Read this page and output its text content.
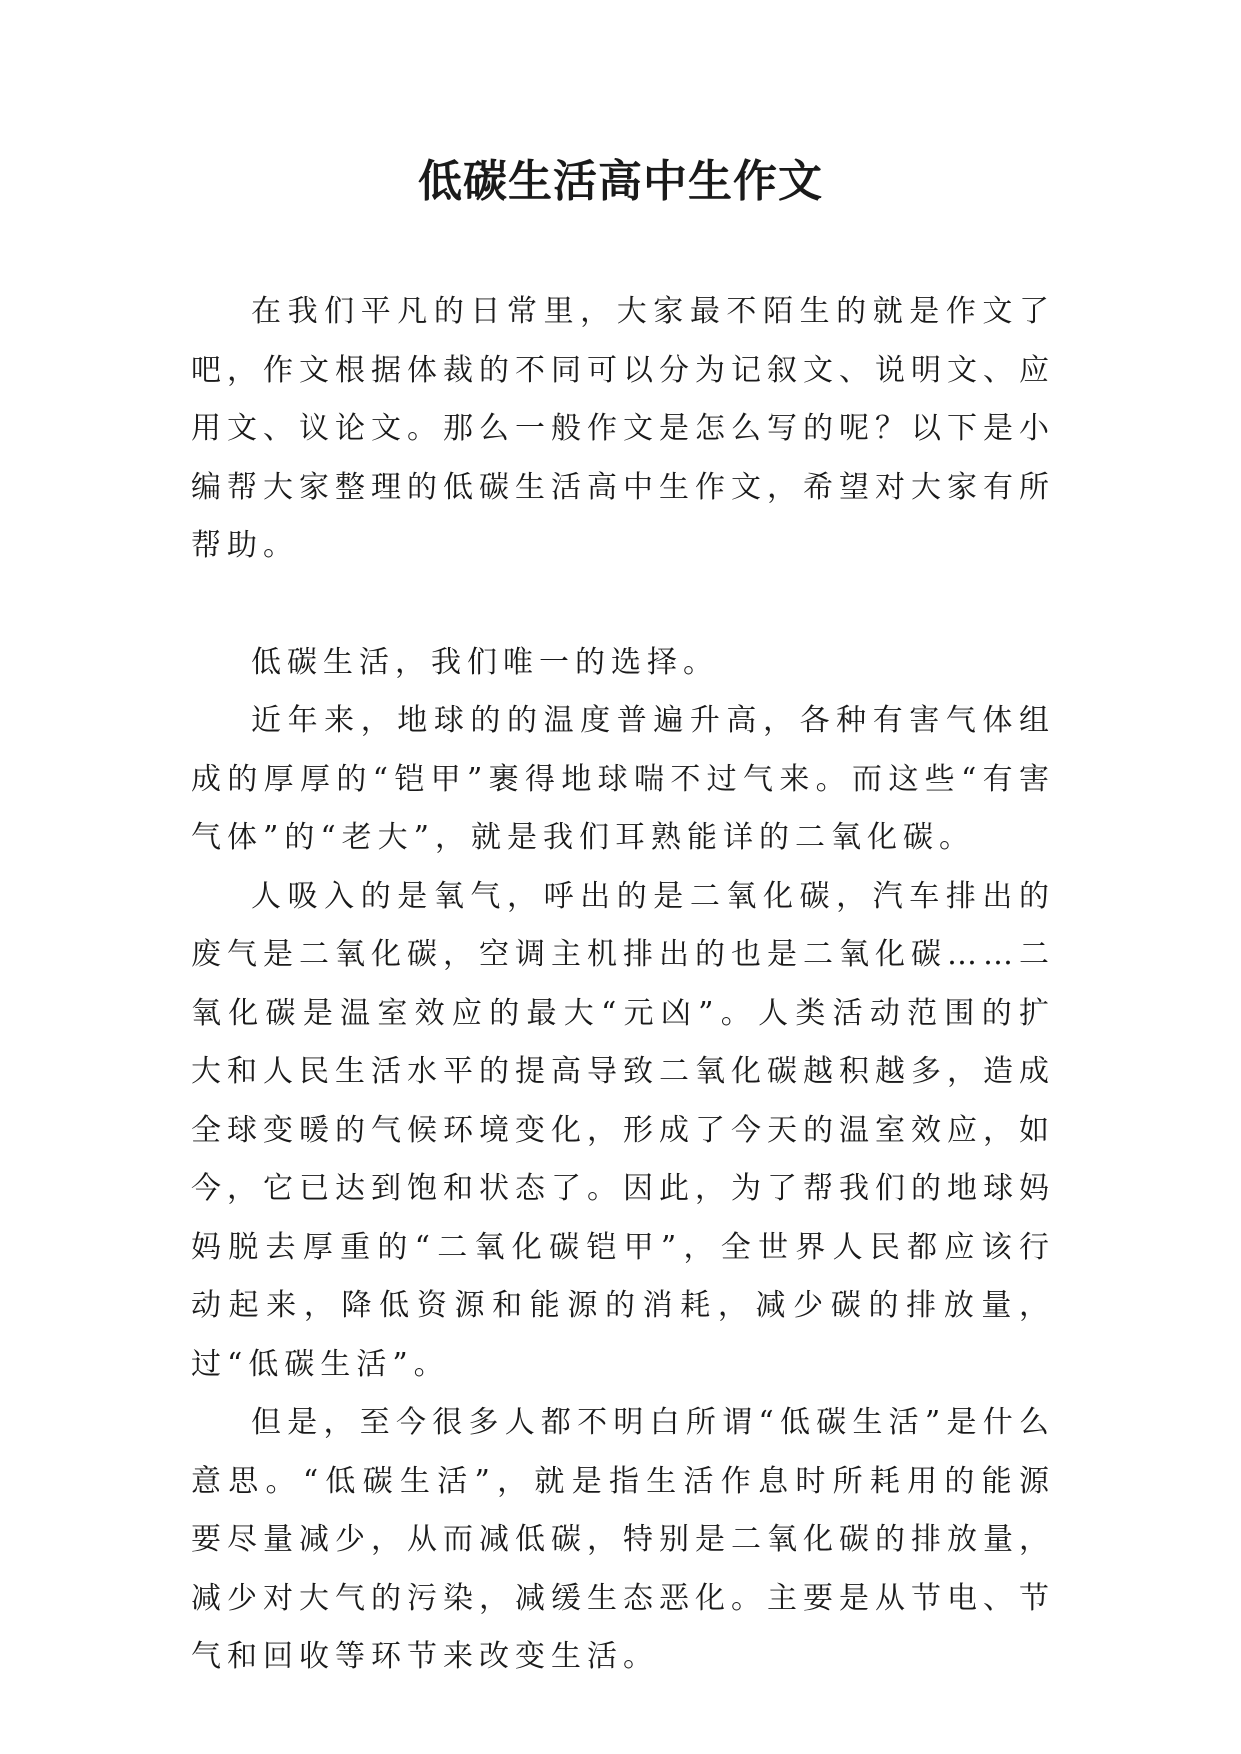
低碳生活高中生作文

在我们平凡的日常里，大家最不陌生的就是作文了吧，作文根据体裁的不同可以分为记叙文、说明文、应用文、议论文。那么一般作文是怎么写的呢？以下是小编帮大家整理的低碳生活高中生作文，希望对大家有所帮助。

低碳生活，我们唯一的选择。

近年来，地球的的温度普遍升高，各种有害气体组成的厚厚的“铠甲”裹得地球喘不过气来。而这些“有害气体”的“老大”，就是我们耳熟能详的二氧化碳。

人吸入的是氧气，呼出的是二氧化碳，汽车排出的废气是二氧化碳，空调主机排出的也是二氧化碳……二氧化碳是温室效应的最大“元凶”。人类活动范围的扩大和人民生活水平的提高导致二氧化碳越积越多，造成全球变暖的气候环境变化，形成了今天的温室效应，如今，它已达到饱和状态了。因此，为了帮我们的地球妈妈脱去厚重的“二氧化碳铠甲”，全世界人民都应该行动起来，降低资源和能源的消耗，减少碳的排放量，过“低碳生活”。

但是，至今很多人都不明白所谓“低碳生活”是什么意思。“低碳生活”，就是指生活作息时所耗用的能源要尽量减少，从而减低碳，特别是二氧化碳的排放量，减少对大气的污染，减缓生态恶化。主要是从节电、节气和回收等环节来改变生活。
